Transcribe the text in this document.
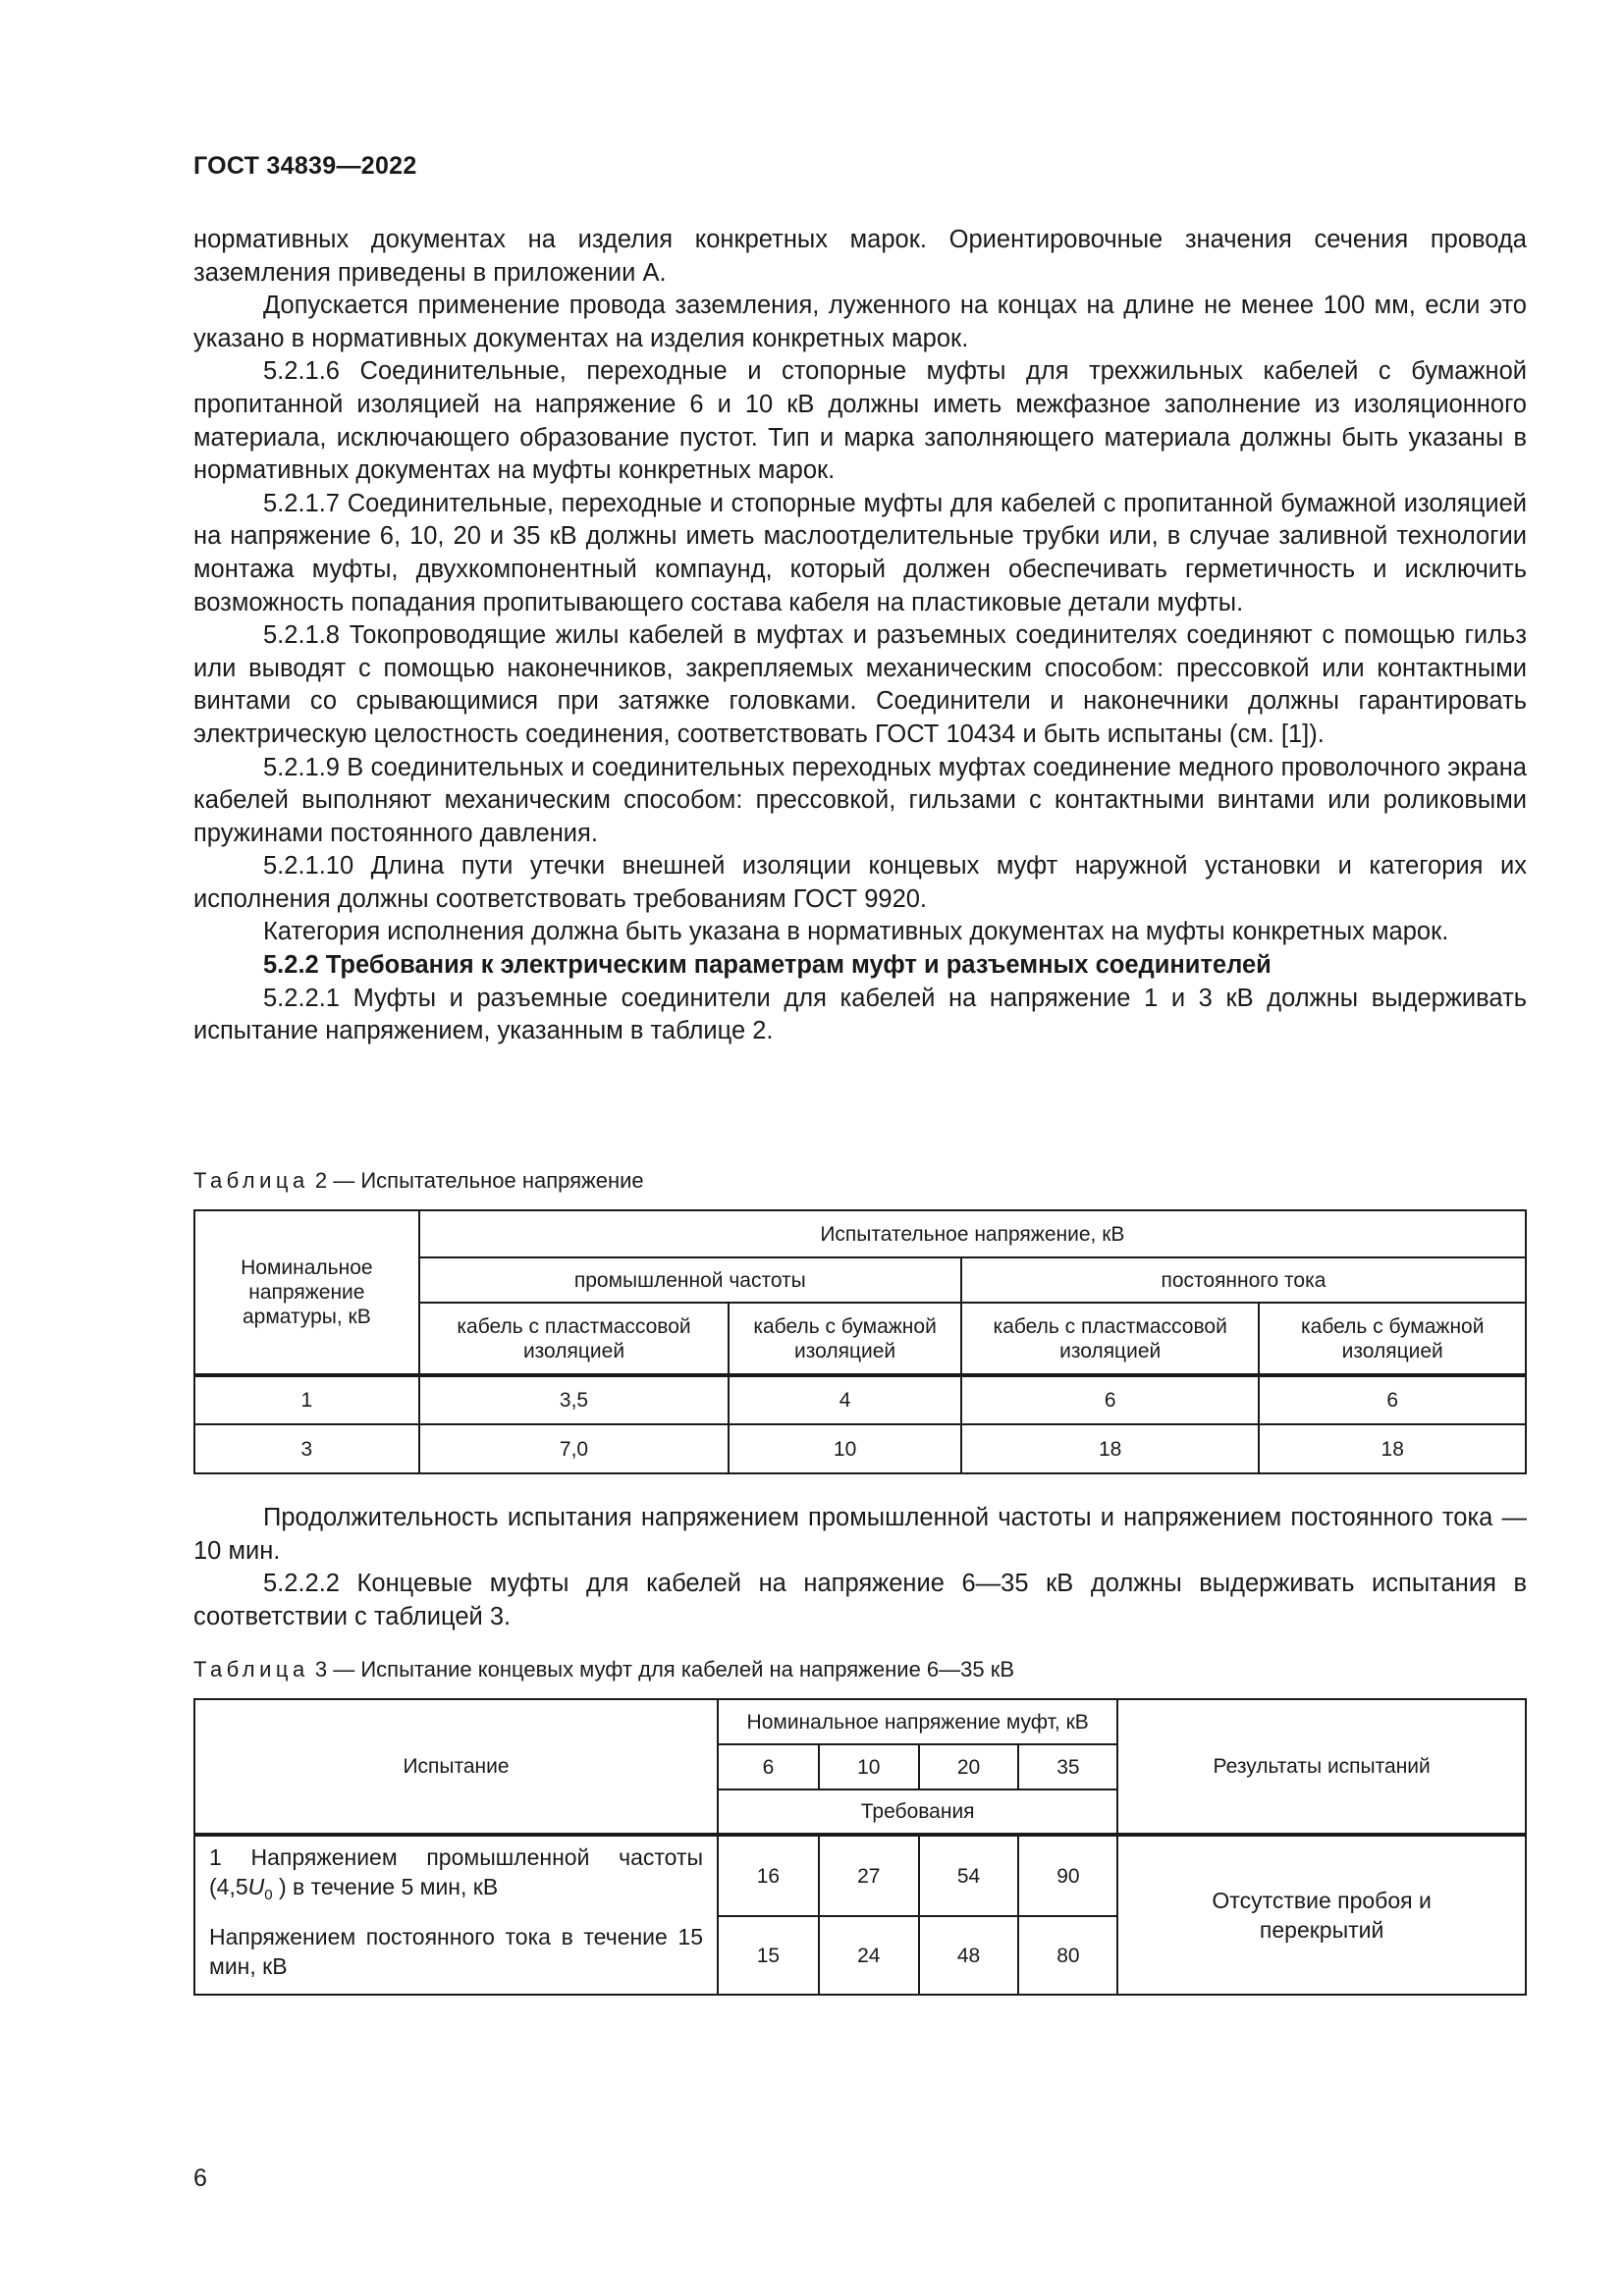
ГОСТ 34839—2022

нормативных документах на изделия конкретных марок. Ориентировочные значения сечения провода заземления приведены в приложении А.

Допускается применение провода заземления, луженного на концах на длине не менее 100 мм, если это указано в нормативных документах на изделия конкретных марок.

5.2.1.6 Соединительные, переходные и стопорные муфты для трехжильных кабелей с бумажной пропитанной изоляцией на напряжение 6 и 10 кВ должны иметь межфазное заполнение из изоляционного материала, исключающего образование пустот. Тип и марка заполняющего материала должны быть указаны в нормативных документах на муфты конкретных марок.

5.2.1.7 Соединительные, переходные и стопорные муфты для кабелей с пропитанной бумажной изоляцией на напряжение 6, 10, 20 и 35 кВ должны иметь маслоотделительные трубки или, в случае заливной технологии монтажа муфты, двухкомпонентный компаунд, который должен обеспечивать герметичность и исключить возможность попадания пропитывающего состава кабеля на пластиковые детали муфты.

5.2.1.8 Токопроводящие жилы кабелей в муфтах и разъемных соединителях соединяют с помощью гильз или выводят с помощью наконечников, закрепляемых механическим способом: прессовкой или контактными винтами со срывающимися при затяжке головками. Соединители и наконечники должны гарантировать электрическую целостность соединения, соответствовать ГОСТ 10434 и быть испытаны (см. [1]).

5.2.1.9 В соединительных и соединительных переходных муфтах соединение медного проволочного экрана кабелей выполняют механическим способом: прессовкой, гильзами с контактными винтами или роликовыми пружинами постоянного давления.

5.2.1.10 Длина пути утечки внешней изоляции концевых муфт наружной установки и категория их исполнения должны соответствовать требованиям ГОСТ 9920.

Категория исполнения должна быть указана в нормативных документах на муфты конкретных марок.

5.2.2 Требования к электрическим параметрам муфт и разъемных соединителей

5.2.2.1 Муфты и разъемные соединители для кабелей на напряжение 1 и 3 кВ должны выдерживать испытание напряжением, указанным в таблице 2.

Таблица 2 — Испытательное напряжение

Номинальное напряжение арматуры, кВ	Испытательное напряжение, кВ			
	промышленной частоты		постоянного тока	
	кабель с пластмассовой изоляцией	кабель с бумажной изоляцией	кабель с пластмассовой изоляцией	кабель с бумажной изоляцией
1	3,5	4	6	6
3	7,0	10	18	18

Продолжительность испытания напряжением промышленной частоты и напряжением постоянного тока — 10 мин.

5.2.2.2 Концевые муфты для кабелей на напряжение 6—35 кВ должны выдерживать испытания в соответствии с таблицей 3.

Таблица 3 — Испытание концевых муфт для кабелей на напряжение 6—35 кВ

Испытание	Номинальное напряжение муфт, кВ				Результаты испытаний
	6	10	20	35	
	Требования				
1 Напряжением промышленной частоты ($4,5U_0$ ) в течение 5 мин, кВ	16	27	54	90	Отсутствие пробоя и перекрытий
Напряжением постоянного тока в течение 15 мин, кВ	15	24	48	80	
6
